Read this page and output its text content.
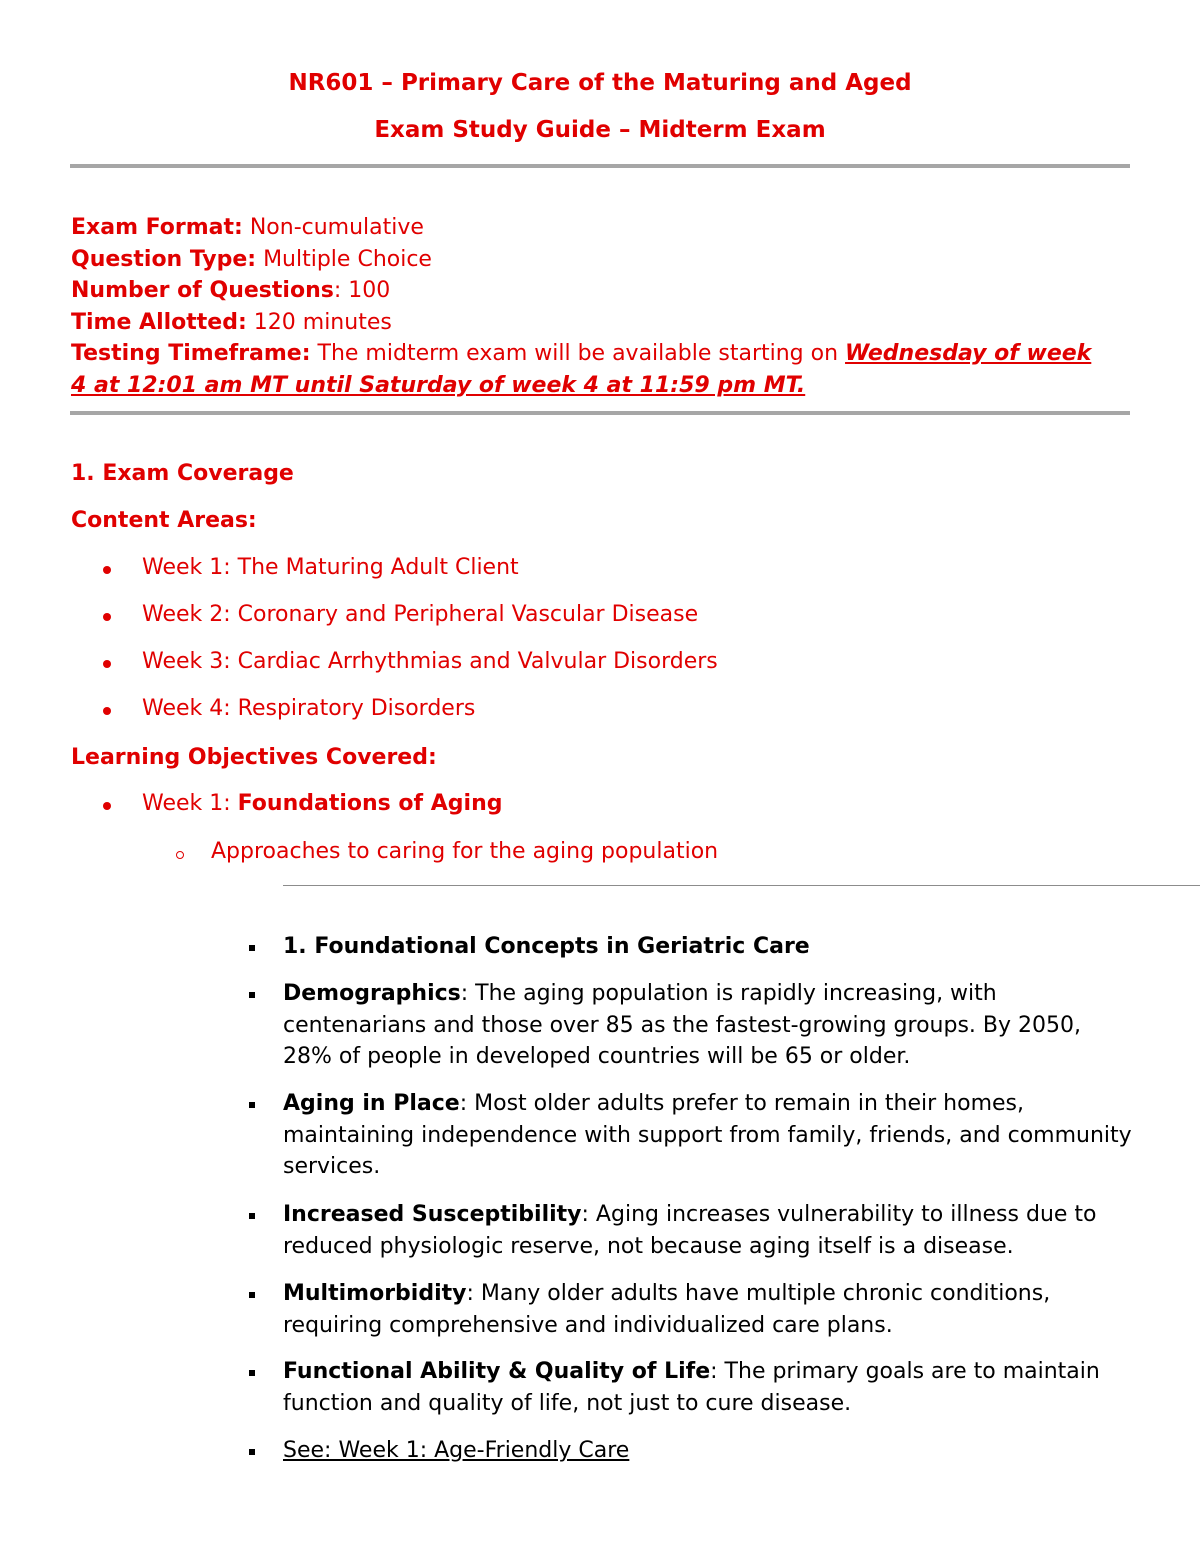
NR601 – Primary Care of the Maturing and Aged
Exam Study Guide – Midterm Exam
Exam Format: Non-cumulative
Question Type: Multiple Choice
Number of Questions: 100
Time Allotted: 120 minutes
Testing Timeframe: The midterm exam will be available starting on Wednesday of week 4 at 12:01 am MT until Saturday of week 4 at 11:59 pm MT.
1. Exam Coverage
Content Areas:
Week 1: The Maturing Adult Client
Week 2: Coronary and Peripheral Vascular Disease
Week 3: Cardiac Arrhythmias and Valvular Disorders
Week 4: Respiratory Disorders
Learning Objectives Covered:
Week 1: Foundations of Aging
Approaches to caring for the aging population
1. Foundational Concepts in Geriatric Care
Demographics: The aging population is rapidly increasing, with centenarians and those over 85 as the fastest-growing groups. By 2050, 28% of people in developed countries will be 65 or older.
Aging in Place: Most older adults prefer to remain in their homes, maintaining independence with support from family, friends, and community services.
Increased Susceptibility: Aging increases vulnerability to illness due to reduced physiologic reserve, not because aging itself is a disease.
Multimorbidity: Many older adults have multiple chronic conditions, requiring comprehensive and individualized care plans.
Functional Ability & Quality of Life: The primary goals are to maintain function and quality of life, not just to cure disease.
See: Week 1: Age-Friendly Care
